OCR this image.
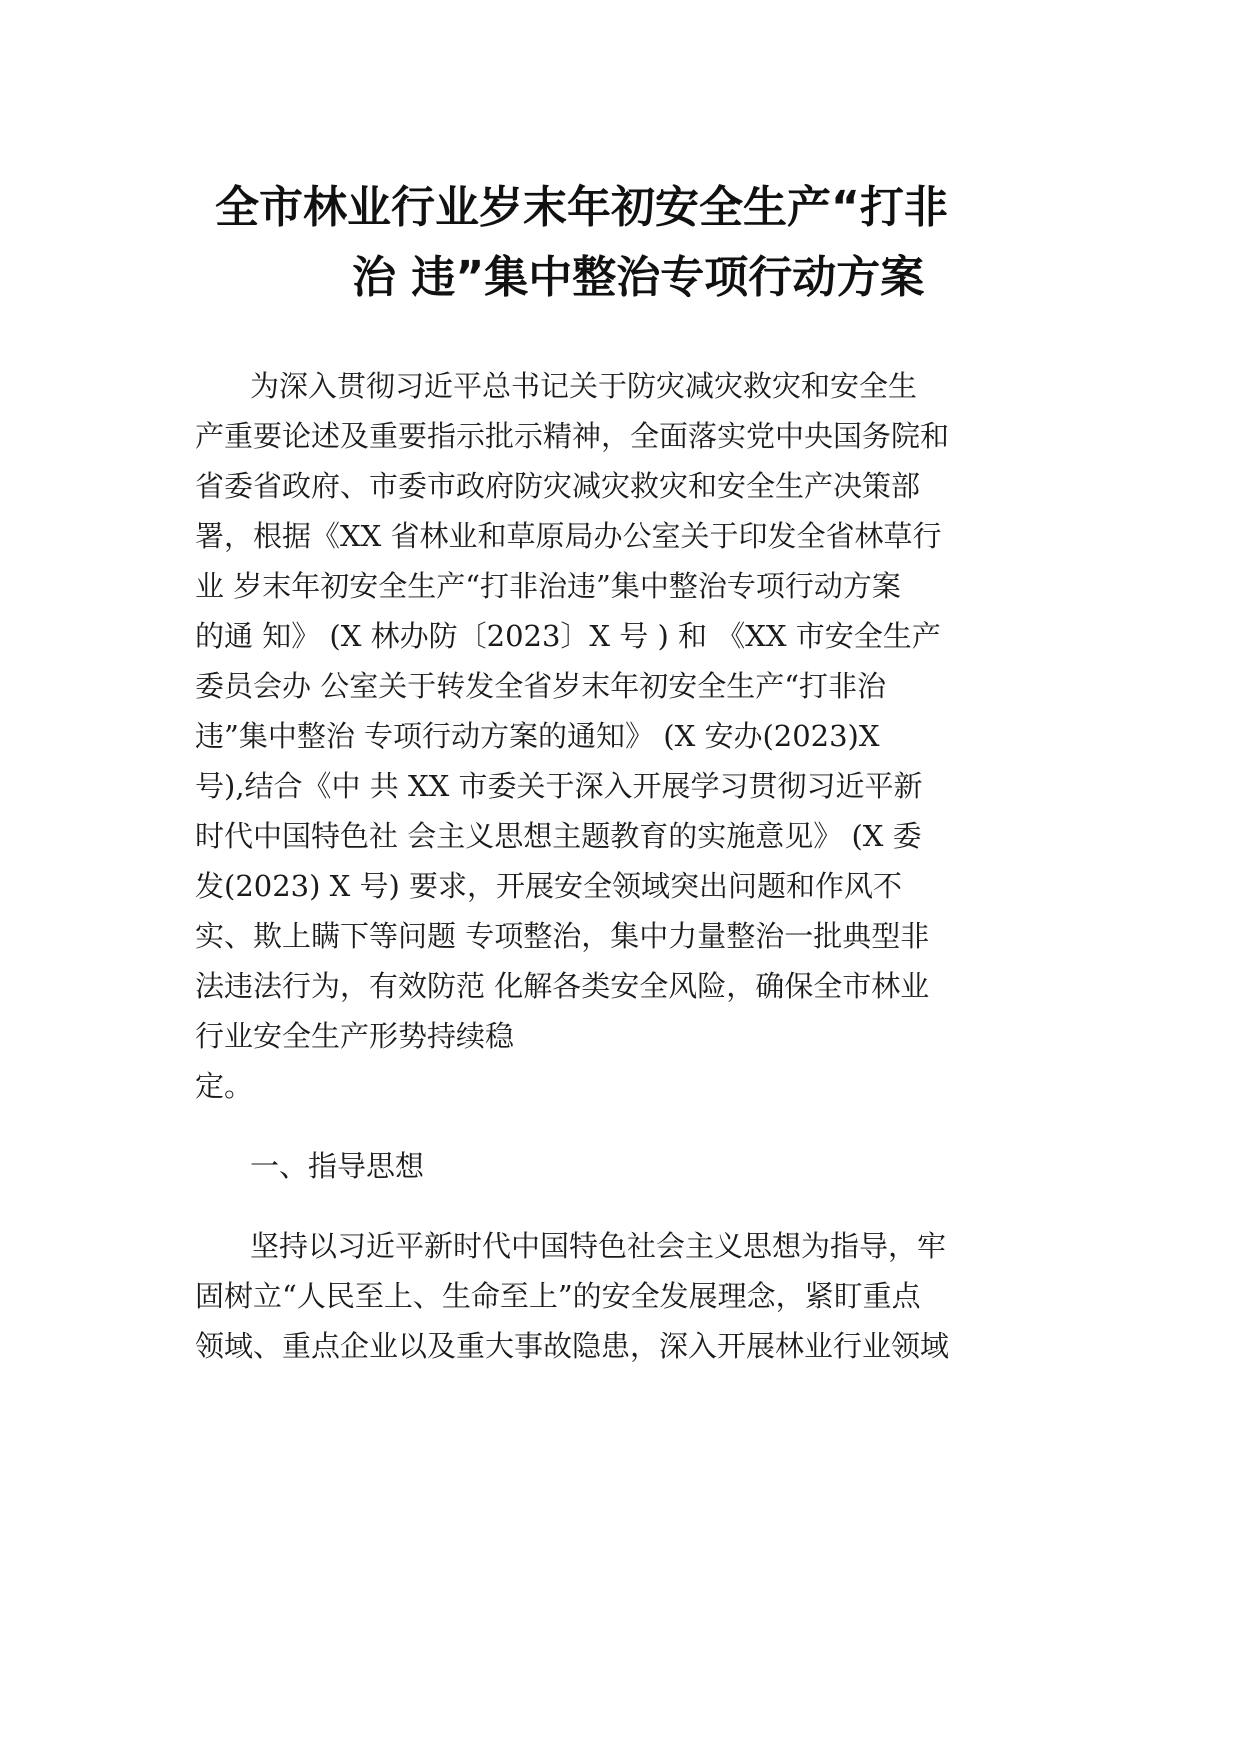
全市林业行业岁末年初安全生产“打非
治 违”集中整治专项行动方案

为深入贯彻习近平总书记关于防灾减灾救灾和安全生

产重要论述及重要指示批示精神，全面落实党中央国务院和

省委省政府、市委市政府防灾减灾救灾和安全生产决策部

署，根据《XX 省林业和草原局办公室关于印发全省林草行

业 岁末年初安全生产“打非治违”集中整治专项行动方案

的通 知》 (X 林办防〔2023〕X 号 ) 和 《XX 市安全生产

委员会办 公室关于转发全省岁末年初安全生产“打非治

违”集中整治 专项行动方案的通知》 (X 安办(2023)X

号),结合《中 共 XX 市委关于深入开展学习贯彻习近平新

时代中国特色社 会主义思想主题教育的实施意见》 (X 委

发(2023) X 号) 要求，开展安全领域突出问题和作风不

实、欺上瞒下等问题 专项整治，集中力量整治一批典型非

法违法行为，有效防范 化解各类安全风险，确保全市林业

行业安全生产形势持续稳

定。

一、指导思想

坚持以习近平新时代中国特色社会主义思想为指导，牢

固树立“人民至上、生命至上”的安全发展理念，紧盯重点

领域、重点企业以及重大事故隐患，深入开展林业行业领域
